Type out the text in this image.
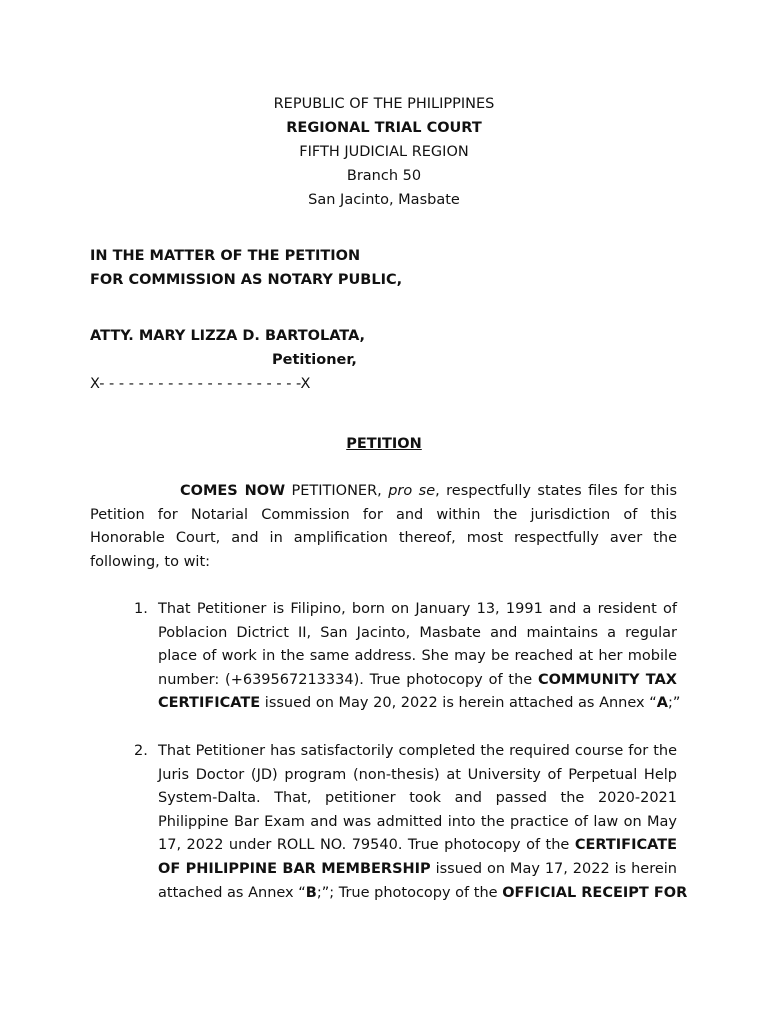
REPUBLIC OF THE PHILIPPINES
REGIONAL TRIAL COURT
FIFTH JUDICIAL REGION
Branch 50
San Jacinto, Masbate
IN THE MATTER OF THE PETITION
FOR COMMISSION AS NOTARY PUBLIC,
ATTY. MARY LIZZA D. BARTOLATA,
Petitioner,
X- - - - - - - - - - - - - - - - - - - - -X
PETITION
COMES NOW PETITIONER, pro se, respectfully states files for this
Petition for Notarial Commission for and within the jurisdiction of this
Honorable Court, and in amplification thereof, most respectfully aver the
following, to wit:
1. That Petitioner is Filipino, born on January 13, 1991 and a resident of
Poblacion Dictrict II, San Jacinto, Masbate and maintains a regular
place of work in the same address. She may be reached at her mobile
number: (+639567213334). True photocopy of the COMMUNITY TAX
CERTIFICATE issued on May 20, 2022 is herein attached as Annex “A;”
2. That Petitioner has satisfactorily completed the required course for the
Juris Doctor (JD) program (non-thesis) at University of Perpetual Help
System-Dalta. That, petitioner took and passed the 2020-2021
Philippine Bar Exam and was admitted into the practice of law on May
17, 2022 under ROLL NO. 79540. True photocopy of the CERTIFICATE
OF PHILIPPINE BAR MEMBERSHIP issued on May 17, 2022 is herein
attached as Annex “B;”; True photocopy of the OFFICIAL RECEIPT FOR
